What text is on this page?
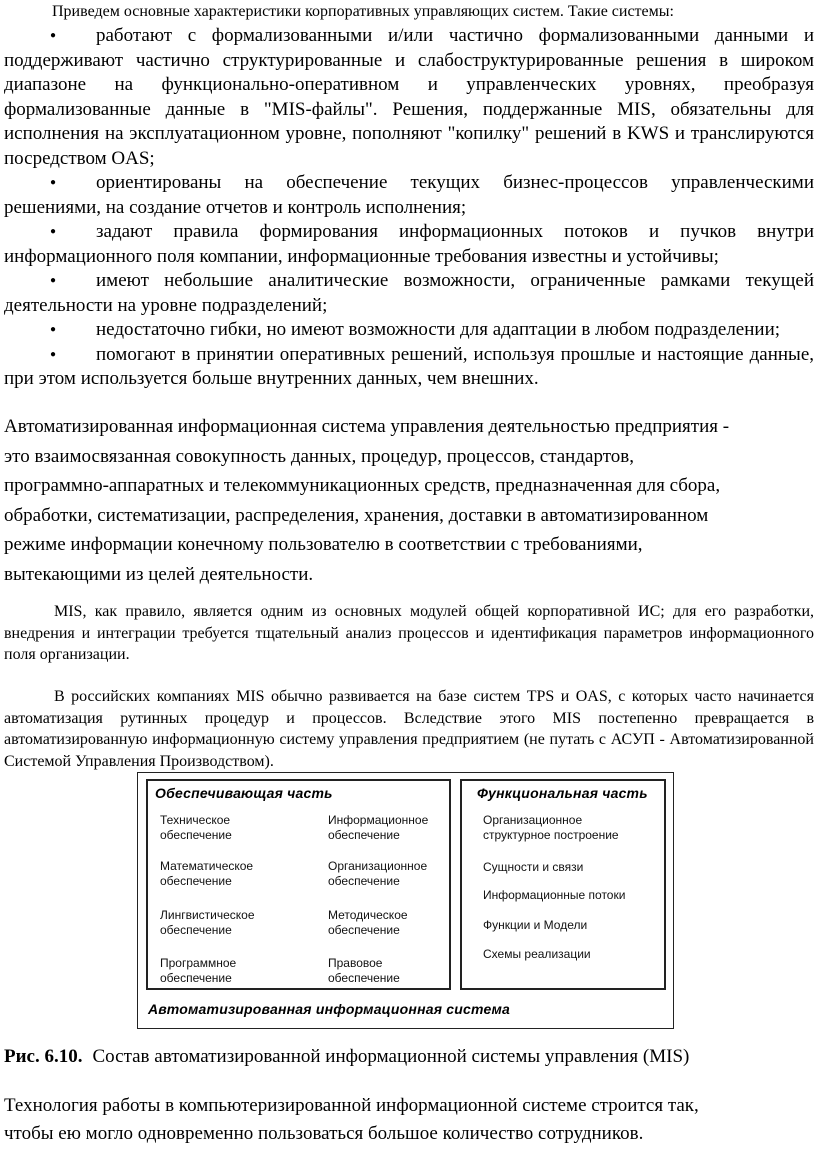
Приведем основные характеристики корпоративных управляющих систем. Такие системы:

● работают с формализованными и/или частично формализованными данными и поддерживают частично структурированные и слабоструктурированные решения в широком диапазоне на функционально-оперативном и управленческих уровнях, преобразуя формализованные данные в "MIS-файлы". Решения, поддержанные MIS, обязательны для исполнения на эксплуатационном уровне, пополняют "копилку" решений в KWS и транслируются посредством OAS;

● ориентированы на обеспечение текущих бизнес-процессов управленческими решениями, на создание отчетов и контроль исполнения;

● задают правила формирования информационных потоков и пучков внутри информационного поля компании, информационные требования известны и устойчивы;

● имеют небольшие аналитические возможности, ограниченные рамками текущей деятельности на уровне подразделений;

● недостаточно гибки, но имеют возможности для адаптации в любом подразделении;

● помогают в принятии оперативных решений, используя прошлые и настоящие данные, при этом используется больше внутренних данных, чем внешних.

Автоматизированная информационная система управления деятельностью предприятия -
это взаимосвязанная совокупность данных, процедур, процессов, стандартов,
программно-аппаратных и телекоммуникационных средств, предназначенная для сбора,
обработки, систематизации, распределения, хранения, доставки в автоматизированном
режиме информации конечному пользователю в соответствии с требованиями,
вытекающими из целей деятельности.
MIS, как правило, является одним из основных модулей общей корпоративной ИС; для его разработки, внедрения и интеграции требуется тщательный анализ процессов и идентификация параметров информационного поля организации.
В российских компаниях MIS обычно развивается на базе систем TPS и OAS, с которых часто начинается автоматизация рутинных процедур и процессов. Вследствие этого MIS постепенно превращается в автоматизированную информационную систему управления предприятием (не путать с АСУП - Автоматизированной Системой Управления Производством).
Обеспечивающая часть
Техническое
обеспечение
Информационное
обеспечение
Математическое
обеспечение
Организационное
обеспечение
Лингвистическое
обеспечение
Методическое
обеспечение
Программное
обеспечение
Правовое
обеспечение
Функциональная часть
Организационное
структурное построение
Сущности и связи
Информационные потоки
Функции и Модели
Схемы реализации
Автоматизированная информационная система
Рис. 6.10. Состав автоматизированной информационной системы управления (MIS)
Технология работы в компьютеризированной информационной системе строится так,
чтобы ею могло одновременно пользоваться большое количество сотрудников.
